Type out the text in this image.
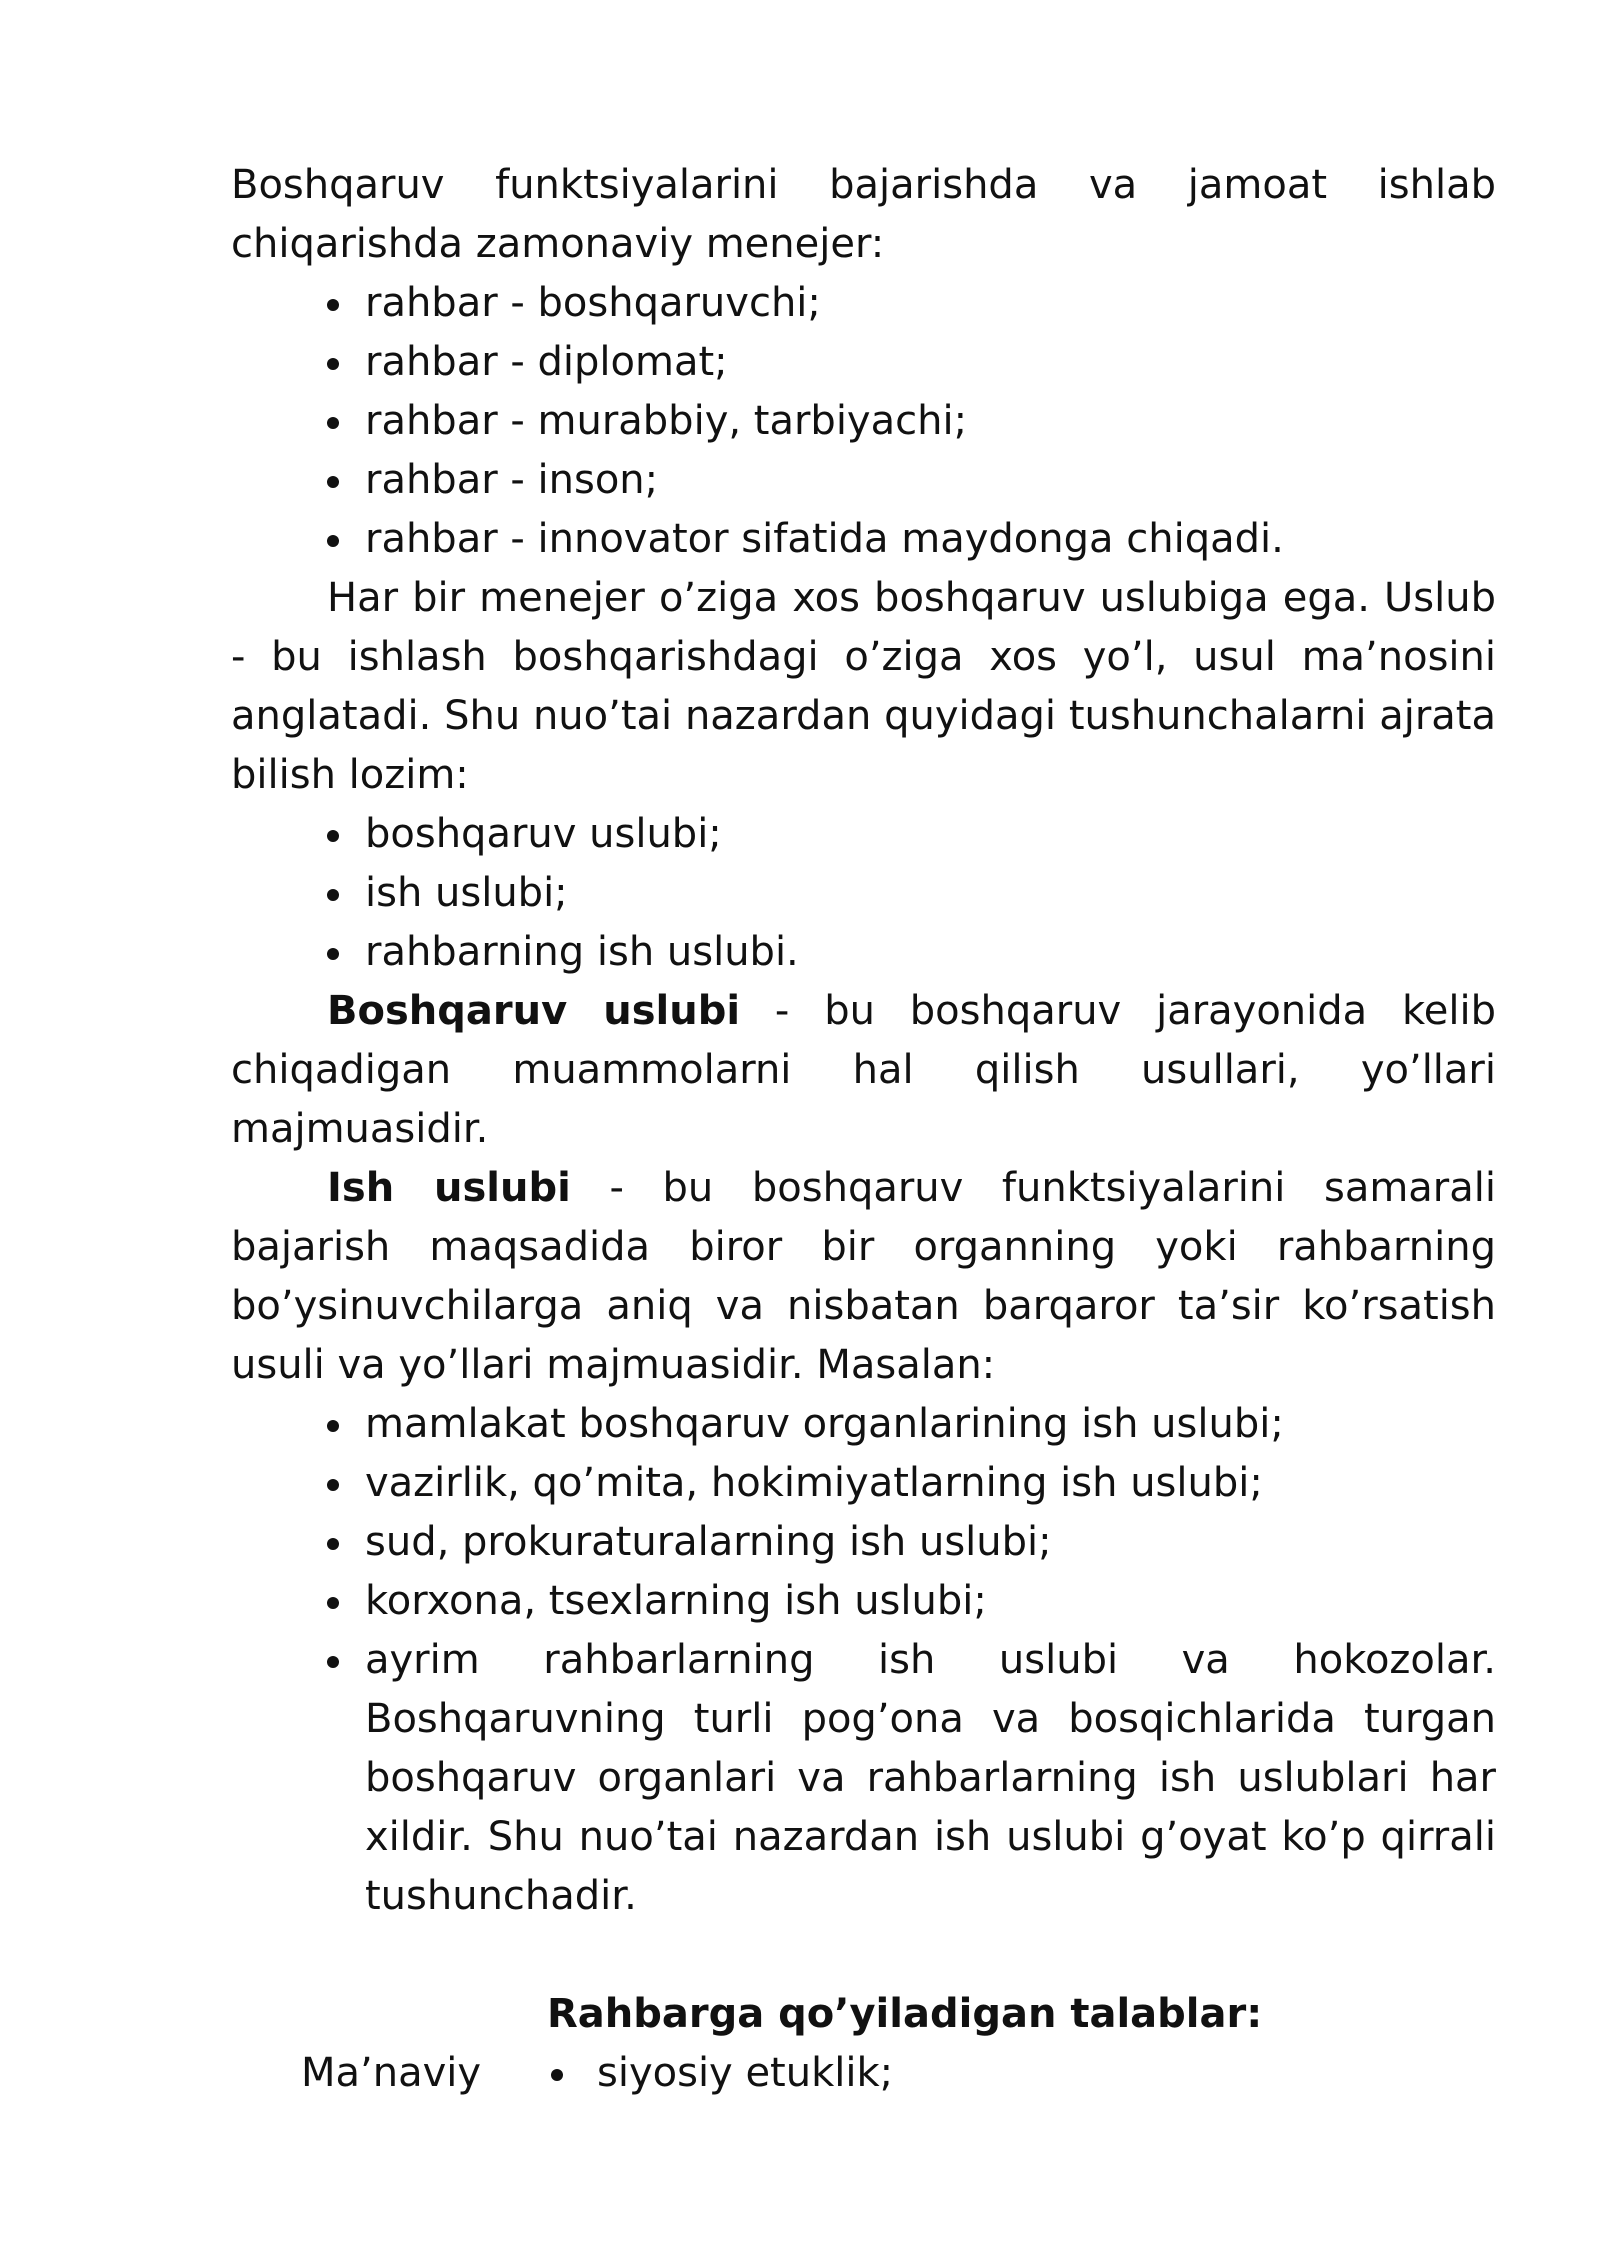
Boshqaruv funktsiyalarini bajarishda va jamoat ishlab chiqarishda zamonaviy menejer:

rahbar - boshqaruvchi;
rahbar - diplomat;
rahbar - murabbiy, tarbiyachi;
rahbar - inson;
rahbar - innovator sifatida maydonga chiqadi.

Har bir menejer o’ziga xos boshqaruv uslubiga ega. Uslub - bu ishlash boshqarishdagi o’ziga xos yo’l, usul ma’nosini anglatadi. Shu nuo’tai nazardan quyidagi tushunchalarni ajrata bilish lozim:

boshqaruv uslubi;
ish uslubi;
rahbarning ish uslubi.

Boshqaruv uslubi - bu boshqaruv jarayonida kelib chiqadigan muammolarni hal qilish usullari, yo’llari majmuasidir.

Ish uslubi - bu boshqaruv funktsiyalarini samarali bajarish maqsadida biror bir organning yoki rahbarning bo’ysinuvchilarga aniq va nisbatan barqaror ta’sir ko’rsatish usuli va yo’llari majmuasidir. Masalan:

mamlakat boshqaruv organlarining ish uslubi;
vazirlik, qo’mita, hokimiyatlarning ish uslubi;
sud, prokuraturalarning ish uslubi;
korxona, tsexlarning ish uslubi;
ayrim rahbarlarning ish uslubi va hokozolar. Boshqaruvning turli pog’ona va bosqichlarida turgan boshqaruv organlari va rahbarlarning ish uslublari har xildir. Shu nuo’tai nazardan ish uslubi g’oyat ko’p qirrali tushunchadir.
Rahbarga qo’yiladigan talablar:
Ma’naviy	siyosiy etuklik;
